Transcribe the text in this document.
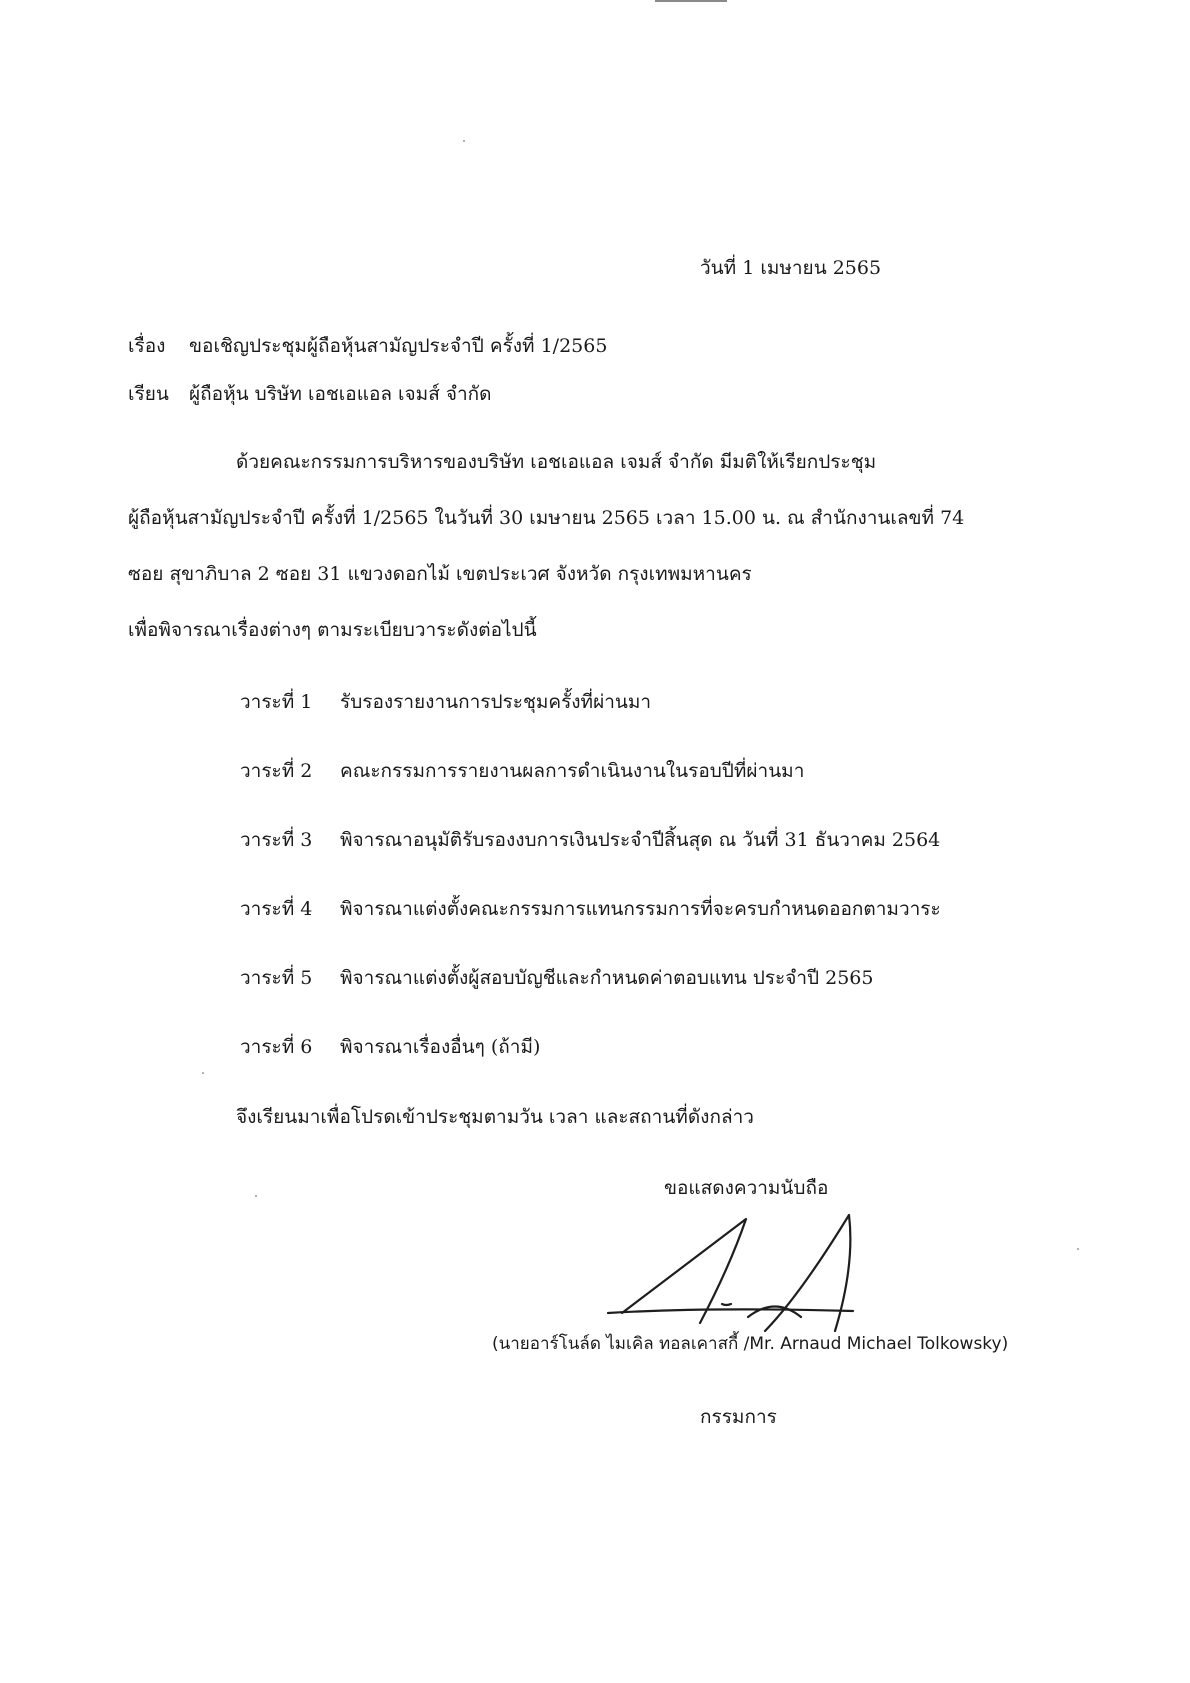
วันที่ 1 เมษายน 2565
เรื่อง ขอเชิญประชุมผู้ถือหุ้นสามัญประจำปี ครั้งที่ 1/2565
เรียน ผู้ถือหุ้น บริษัท เอชเอแอล เจมส์ จำกัด
ด้วยคณะกรรมการบริหารของบริษัท เอชเอแอล เจมส์ จำกัด มีมติให้เรียกประชุม
ผู้ถือหุ้นสามัญประจำปี ครั้งที่ 1/2565 ในวันที่ 30 เมษายน 2565 เวลา 15.00 น. ณ สำนักงานเลขที่ 74
ซอย สุขาภิบาล 2 ซอย 31 แขวงดอกไม้ เขตประเวศ จังหวัด กรุงเทพมหานคร
เพื่อพิจารณาเรื่องต่างๆ ตามระเบียบวาระดังต่อไปนี้
วาระที่ 1 รับรองรายงานการประชุมครั้งที่ผ่านมา
วาระที่ 2 คณะกรรมการรายงานผลการดำเนินงานในรอบปีที่ผ่านมา
วาระที่ 3 พิจารณาอนุมัติรับรองงบการเงินประจำปีสิ้นสุด ณ วันที่ 31 ธันวาคม 2564
วาระที่ 4 พิจารณาแต่งตั้งคณะกรรมการแทนกรรมการที่จะครบกำหนดออกตามวาระ
วาระที่ 5 พิจารณาแต่งตั้งผู้สอบบัญชีและกำหนดค่าตอบแทน ประจำปี 2565
วาระที่ 6 พิจารณาเรื่องอื่นๆ (ถ้ามี)
จึงเรียนมาเพื่อโปรดเข้าประชุมตามวัน เวลา และสถานที่ดังกล่าว
ขอแสดงความนับถือ
(นายอาร์โนล์ด ไมเคิล ทอลเคาสกี้ /Mr. Arnaud Michael Tolkowsky)
กรรมการ
